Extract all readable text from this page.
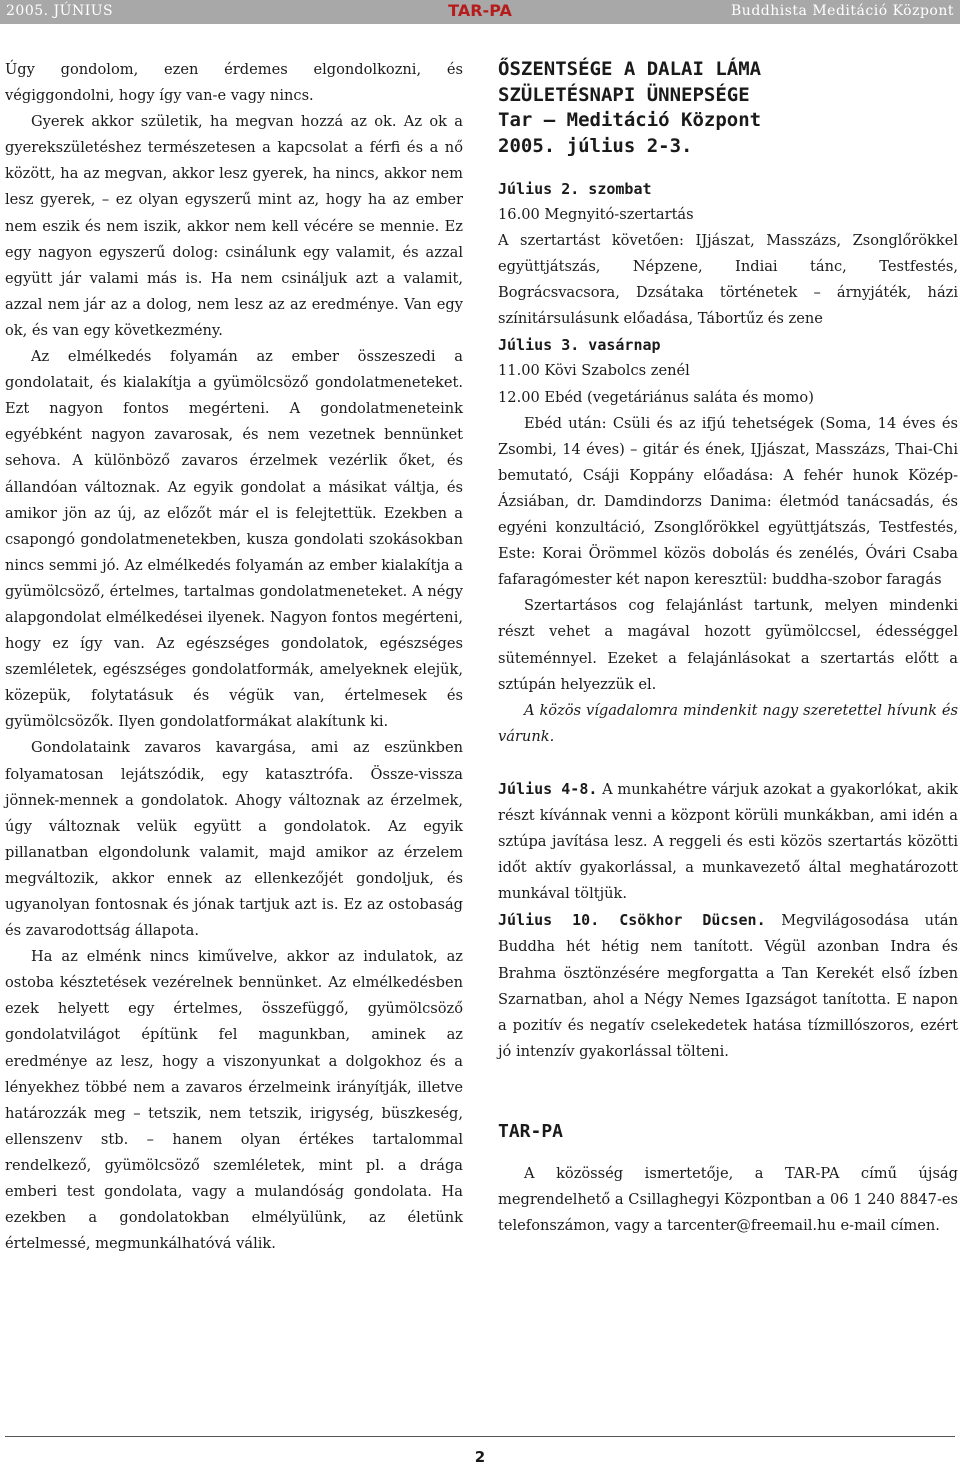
2005. JÚNIUS	TAR-PA	Buddhista Meditáció Központ

Úgy gondolom, ezen érdemes elgondolkozni, és végiggondolni, hogy így van-e vagy nincs.

Gyerek akkor születik, ha megvan hozzá az ok. Az ok a gyerekszületéshez természetesen a kapcsolat a férfi és a nő között, ha az megvan, akkor lesz gyerek, ha nincs, akkor nem lesz gyerek, – ez olyan egyszerű mint az, hogy ha az ember nem eszik és nem iszik, akkor nem kell vécére se mennie. Ez egy nagyon egyszerű dolog: csinálunk egy valamit, és azzal együtt jár valami más is. Ha nem csináljuk azt a valamit, azzal nem jár az a dolog, nem lesz az az eredménye. Van egy ok, és van egy következmény.

Az elmélkedés folyamán az ember összeszedi a gondolatait, és kialakítja a gyümölcsöző gondolatmeneteket. Ezt nagyon fontos megérteni. A gondolatmeneteink egyébként nagyon zavarosak, és nem vezetnek bennünket sehova. A különböző zavaros érzelmek vezérlik őket, és állandóan változnak. Az egyik gondolat a másikat váltja, és amikor jön az új, az előzőt már el is felejtettük. Ezekben a csapongó gondolatmenetekben, kusza gondolati szokásokban nincs semmi jó. Az elmélkedés folyamán az ember kialakítja a gyümölcsöző, értelmes, tartalmas gondolatmeneteket. A négy alapgondolat elmélkedései ilyenek. Nagyon fontos megérteni, hogy ez így van. Az egészséges gondolatok, egészséges szemléletek, egészséges gondolatformák, amelyeknek elejük, közepük, folytatásuk és végük van, értelmesek és gyümölcsözők. Ilyen gondolatformákat alakítunk ki.

Gondolataink zavaros kavargása, ami az eszünkben folyamatosan lejátszódik, egy katasztrófa. Össze-vissza jönnek-mennek a gondolatok. Ahogy változnak az érzelmek, úgy változnak velük együtt a gondolatok. Az egyik pillanatban elgondolunk valamit, majd amikor az érzelem megváltozik, akkor ennek az ellenkezőjét gondoljuk, és ugyanolyan fontosnak és jónak tartjuk azt is. Ez az ostobaság és zavarodottság állapota.

Ha az elménk nincs kiművelve, akkor az indulatok, az ostoba késztetések vezérelnek bennünket. Az elmélkedésben ezek helyett egy értelmes, összefüggő, gyümölcsöző gondolatvilágot építünk fel magunkban, aminek az eredménye az lesz, hogy a viszonyunkat a dolgokhoz és a lényekhez többé nem a zavaros érzelmeink irányítják, illetve határozzák meg – tetszik, nem tetszik, irigység, büszkeség, ellenszenv stb. – hanem olyan értékes tartalommal rendelkező, gyümölcsöző szemléletek, mint pl. a drága emberi test gondolata, vagy a mulandóság gondolata. Ha ezekben a gondolatokban elmélyülünk, az életünk értelmessé, megmunkálhatóvá válik.

ŐSZENTSÉGE A DALAI LÁMA

SZÜLETÉSNAPI ÜNNEPSÉGE

Tar – Meditáció Központ

2005. július 2-3.

Július 2. szombat

16.00 Megnyitó-szertartás

A szertartást követően: Ĳjászat, Masszázs, Zsonglőrökkel együttjátszás, Népzene, Indiai tánc, Testfestés, Bográcsvacsora, Dzsátaka történetek – árnyjáték, házi színitársulásunk előadása, Tábortűz és zene

Július 3. vasárnap

11.00 Kövi Szabolcs zenél

12.00 Ebéd (vegetáriánus saláta és momo)

Ebéd után: Csüli és az ifjú tehetségek (Soma, 14 éves és Zsombi, 14 éves) – gitár és ének, Ĳjászat, Masszázs, Thai-Chi bemutató, Csáji Koppány előadása: A fehér hunok Közép-Ázsiában, dr. Damdindorzs Danima: életmód tanácsadás, és egyéni konzultáció, Zsonglőrökkel együttjátszás, Testfestés, Este: Korai Örömmel közös dobolás és zenélés, Óvári Csaba fafaragómester két napon keresztül: buddha-szobor faragás

Szertartásos cog felajánlást tartunk, melyen mindenki részt vehet a magával hozott gyümölccsel, édességgel süteménnyel. Ezeket a felajánlásokat a szertartás előtt a sztúpán helyezzük el.

A közös vígadalomra mindenkit nagy szeretettel hívunk és várunk.

Július 4-8. A munkahétre várjuk azokat a gyakorlókat, akik részt kívánnak venni a központ körüli munkákban, ami idén a sztúpa javítása lesz. A reggeli és esti közös szertartás közötti időt aktív gyakorlással, a munkavezető által meghatározott munkával töltjük.

Július 10. Csökhor Dücsen. Megvilágosodása után Buddha hét hétig nem tanított. Végül azonban Indra és Brahma ösztönzésére megforgatta a Tan Kerekét első ízben Szarnatban, ahol a Négy Nemes Igazságot tanította. E napon a pozitív és negatív cselekedetek hatása tízmillószoros, ezért jó intenzív gyakorlással tölteni.

TAR-PA

A közösség ismertetője, a TAR-PA című újság megrendelhető a Csillaghegyi Központban a 06 1 240 8847-es telefonszámon, vagy a tarcenter@freemail.hu e-mail címen.

2
